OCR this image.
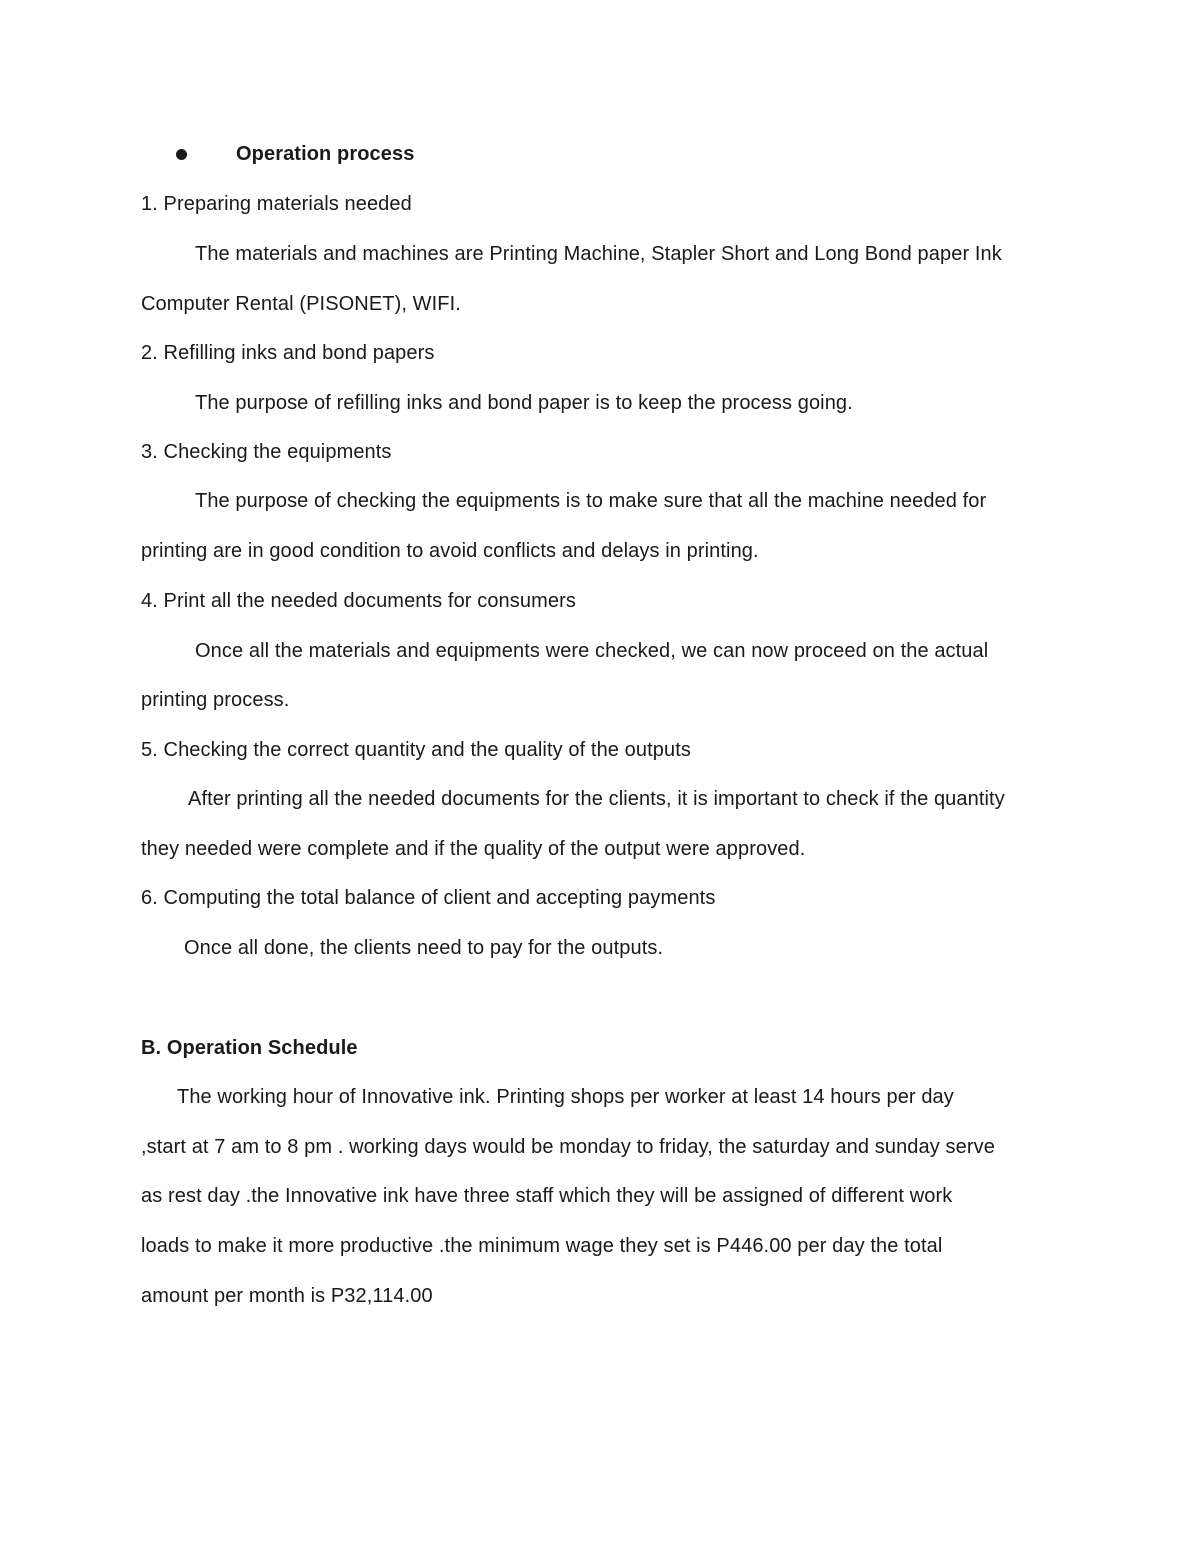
Operation process
1. Preparing materials needed
The materials and machines are Printing Machine, Stapler Short and Long Bond paper Ink
Computer Rental (PISONET), WIFI.
2. Refilling inks and bond papers
The purpose of refilling inks and bond paper is to keep the process going.
3. Checking the equipments
The purpose of checking the equipments is to make sure that all the machine needed for
printing are in good condition to avoid conflicts and delays in printing.
4. Print all the needed documents for consumers
Once all the materials and equipments were checked, we can now proceed on the actual
printing process.
5. Checking the correct quantity and the quality of the outputs
After printing all the needed documents for the clients, it is important to check if the quantity
they needed were complete and if the quality of the output were approved.
6. Computing the total balance of client and accepting payments
Once all done, the clients need to pay for the outputs.
B. Operation Schedule
The working hour of Innovative ink. Printing shops per worker at least 14 hours per day
,start at 7 am to 8 pm . working days would be monday to friday, the saturday and sunday serve
as rest day .the Innovative ink have three staff which they will be assigned of different work
loads to make it more productive .the minimum wage they set is P446.00 per day the total
amount per month is P32,114.00
